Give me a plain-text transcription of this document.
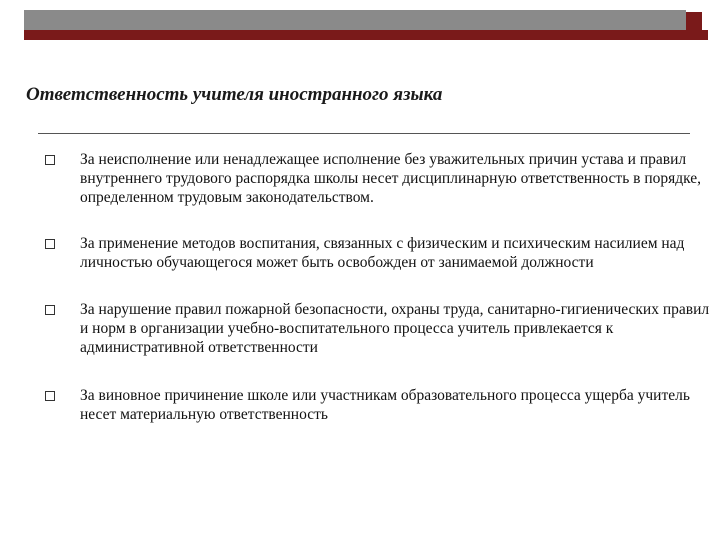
Ответственность учителя иностранного языка
За неисполнение или ненадлежащее исполнение без уважительных причин устава и правил внутреннего трудового распорядка школы несет дисциплинарную ответственность в порядке, определенном трудовым законодательством.
За применение методов воспитания, связанных с физическим и психическим насилием над личностью обучающегося может быть освобожден от занимаемой должности
За нарушение правил пожарной безопасности, охраны труда, санитарно-гигиенических правил и норм в организации учебно-воспитательного процесса учитель привлекается к административной ответственности
За виновное причинение школе или участникам образовательного процесса ущерба учитель несет материальную ответственность
